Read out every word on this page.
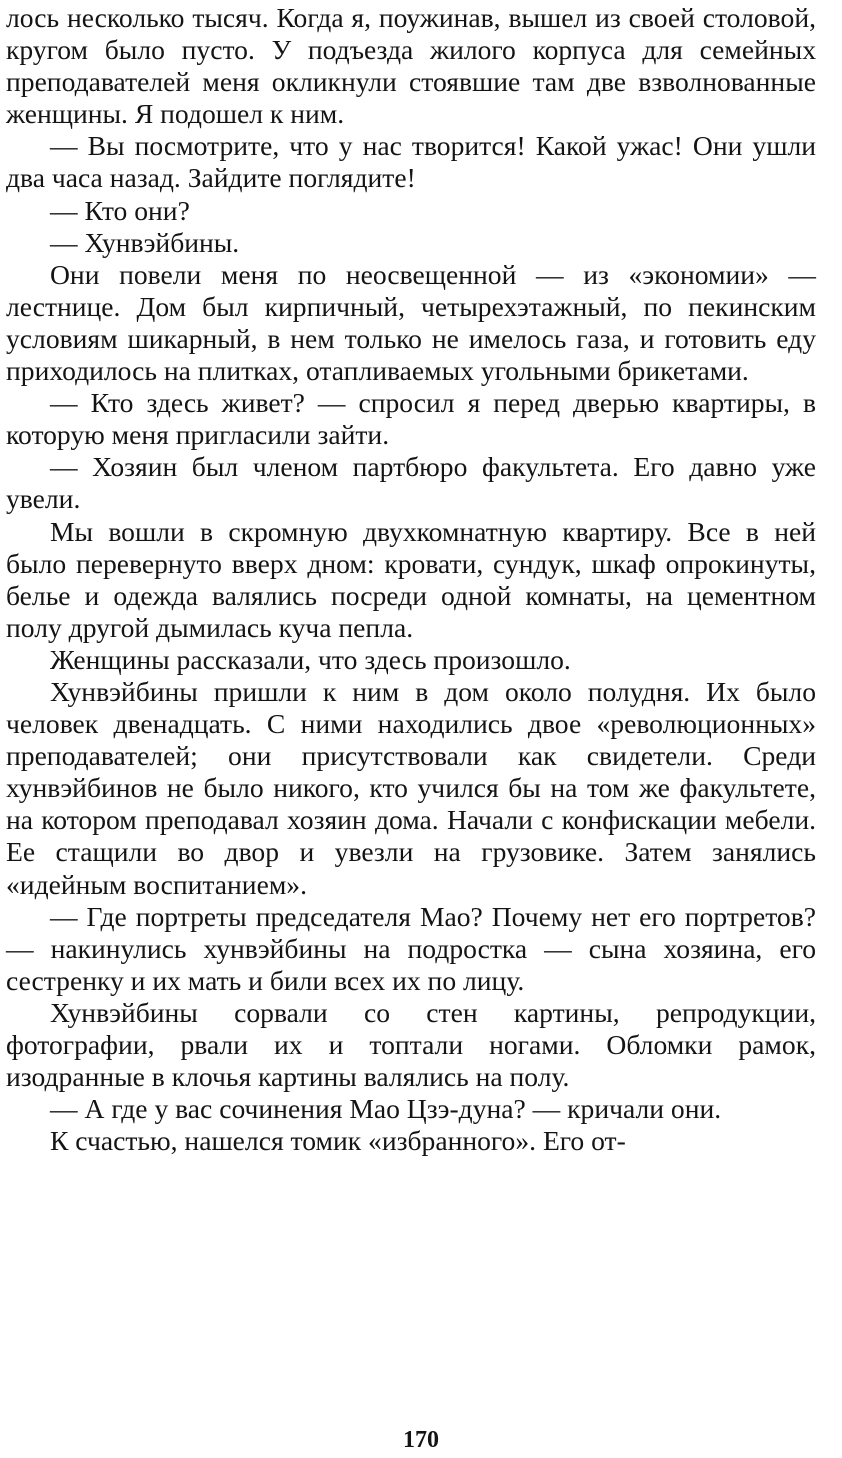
лось несколько тысяч. Когда я, поужинав, вышел из своей столовой, кругом было пусто. У подъезда жилого корпуса для семейных преподавателей меня окликнули стоявшие там две взволнованные женщины. Я подошел к ним.

— Вы посмотрите, что у нас творится! Какой ужас! Они ушли два часа назад. Зайдите поглядите!

— Кто они?

— Хунвэйбины.

Они повели меня по неосвещенной — из «экономии» — лестнице. Дом был кирпичный, четырехэтажный, по пекинским условиям шикарный, в нем только не имелось газа, и готовить еду приходилось на плитках, отапливаемых угольными брикетами.

— Кто здесь живет? — спросил я перед дверью квартиры, в которую меня пригласили зайти.

— Хозяин был членом партбюро факультета. Его давно уже увели.

Мы вошли в скромную двухкомнатную квартиру. Все в ней было перевернуто вверх дном: кровати, сундук, шкаф опрокинуты, белье и одежда валялись посреди одной комнаты, на цементном полу другой дымилась куча пепла.

Женщины рассказали, что здесь произошло.

Хунвэйбины пришли к ним в дом около полудня. Их было человек двенадцать. С ними находились двое «революционных» преподавателей; они присутствовали как свидетели. Среди хунвэйбинов не было никого, кто учился бы на том же факультете, на котором преподавал хозяин дома. Начали с конфискации мебели. Ее стащили во двор и увезли на грузовике. Затем занялись «идейным воспитанием».

— Где портреты председателя Мао? Почему нет его портретов? — накинулись хунвэйбины на подростка — сына хозяина, его сестренку и их мать и били всех их по лицу.

Хунвэйбины сорвали со стен картины, репродукции, фотографии, рвали их и топтали ногами. Обломки рамок, изодранные в клочья картины валялись на полу.

— А где у вас сочинения Мао Цзэ-дуна? — кричали они.

К счастью, нашелся томик «избранного». Его от-

170
